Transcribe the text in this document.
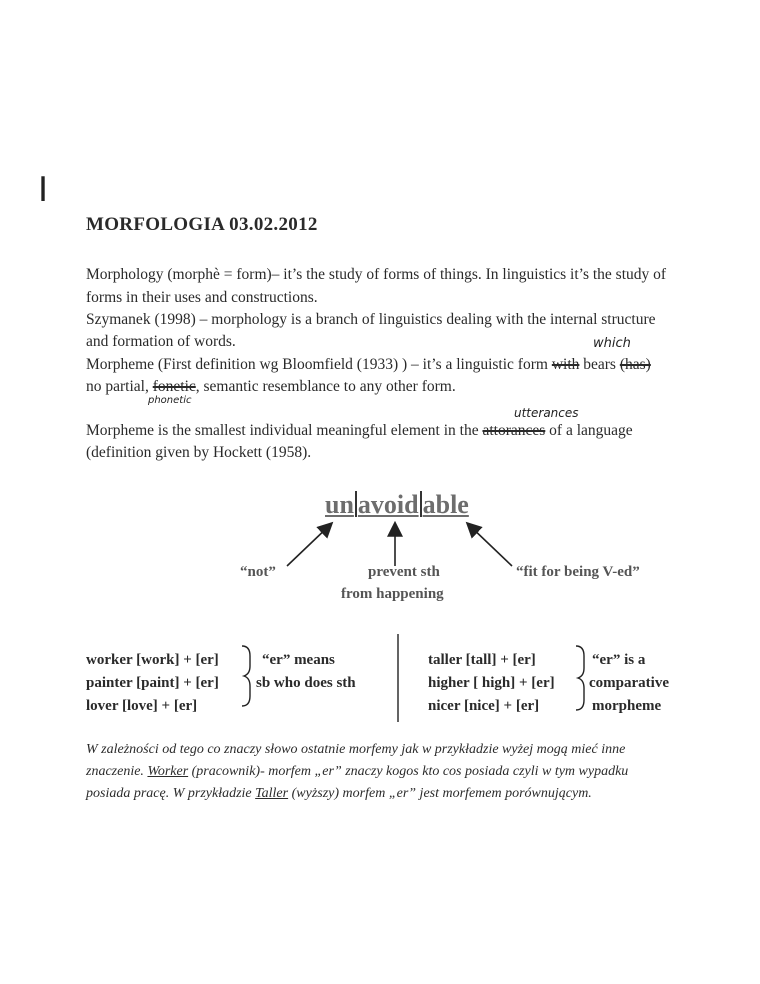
I
MORFOLOGIA 03.02.2012
Morphology (morphè = form)– it’s the study of forms of things. In linguistics it’s the study of
forms in their uses and constructions.
Szymanek (1998) – morphology is a branch of linguistics dealing with the internal structure
and formation of words.
Morpheme (First definition wg Bloomfield (1933) ) – it’s a linguistic form with bears (has)
no partial, fonetic, semantic resemblance to any other form.
Morpheme is the smallest individual meaningful element in the attorances of a language
(definition given by Hockett (1958).
which
phonetic
utterances
un avoid able
“not”	prevent sth
from happening
“fit for being V-ed”
worker [work] + [er]
painter [paint] + [er]
lover [love] + [er]
“er” means
sb who does sth
taller [tall] + [er]
higher [ high] + [er]
nicer [nice] + [er]
“er” is a
comparative
morpheme
W zależności od tego co znaczy słowo ostatnie morfemy jak w przykładzie wyżej mogą mieć inne
znaczenie. Worker (pracownik)- morfem „er” znaczy kogos kto cos posiada czyli w tym wypadku
posiada pracę. W przykładzie Taller (wyższy) morfem „er” jest morfemem porównującym.
